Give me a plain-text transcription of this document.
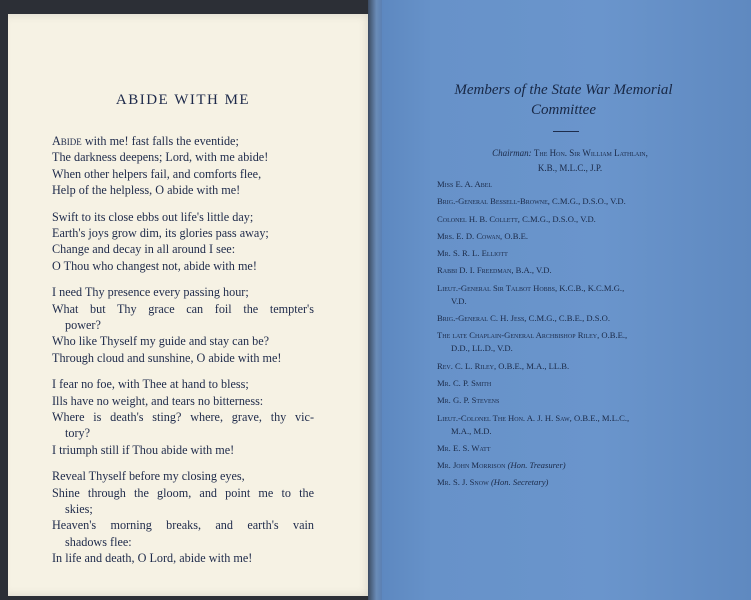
ABIDE WITH ME
Abide with me! fast falls the eventide;
The darkness deepens; Lord, with me abide!
When other helpers fail, and comforts flee,
Help of the helpless, O abide with me!
Swift to its close ebbs out life's little day;
Earth's joys grow dim, its glories pass away;
Change and decay in all around I see:
O Thou who changest not, abide with me!
I need Thy presence every passing hour;
What but Thy grace can foil the tempter's
power?
Who like Thyself my guide and stay can be?
Through cloud and sunshine, O abide with me!
I fear no foe, with Thee at hand to bless;
Ills have no weight, and tears no bitterness:
Where is death's sting? where, grave, thy vic-
tory?
I triumph still if Thou abide with me!
Reveal Thyself before my closing eyes,
Shine through the gloom, and point me to the
skies;
Heaven's morning breaks, and earth's vain
shadows flee:
In life and death, O Lord, abide with me!
Members of the State War Memorial
Committee
Chairman: The Hon. Sir William Lathlain,
K.B., M.L.C., J.P.
Miss E. A. Abel
Brig.-General Bessell-Browne, C.M.G., D.S.O., V.D.
Colonel H. B. Collett, C.M.G., D.S.O., V.D.
Mrs. E. D. Cowan, O.B.E.
Mr. S. R. L. Elliott
Rabbi D. I. Freedman, B.A., V.D.
Lieut.-General Sir Talbot Hobbs, K.C.B., K.C.M.G.,
V.D.
Brig.-General C. H. Jess, C.M.G., C.B.E., D.S.O.
The late Chaplain-General Archbishop Riley, O.B.E.,
D.D., LL.D., V.D.
Rev. C. L. Riley, O.B.E., M.A., LL.B.
Mr. C. P. Smith
Mr. G. P. Stevens
Lieut.-Colonel The Hon. A. J. H. Saw, O.B.E., M.L.C.,
M.A., M.D.
Mr. E. S. Watt
Mr. John Morrison (Hon. Treasurer)
Mr. S. J. Snow (Hon. Secretary)
